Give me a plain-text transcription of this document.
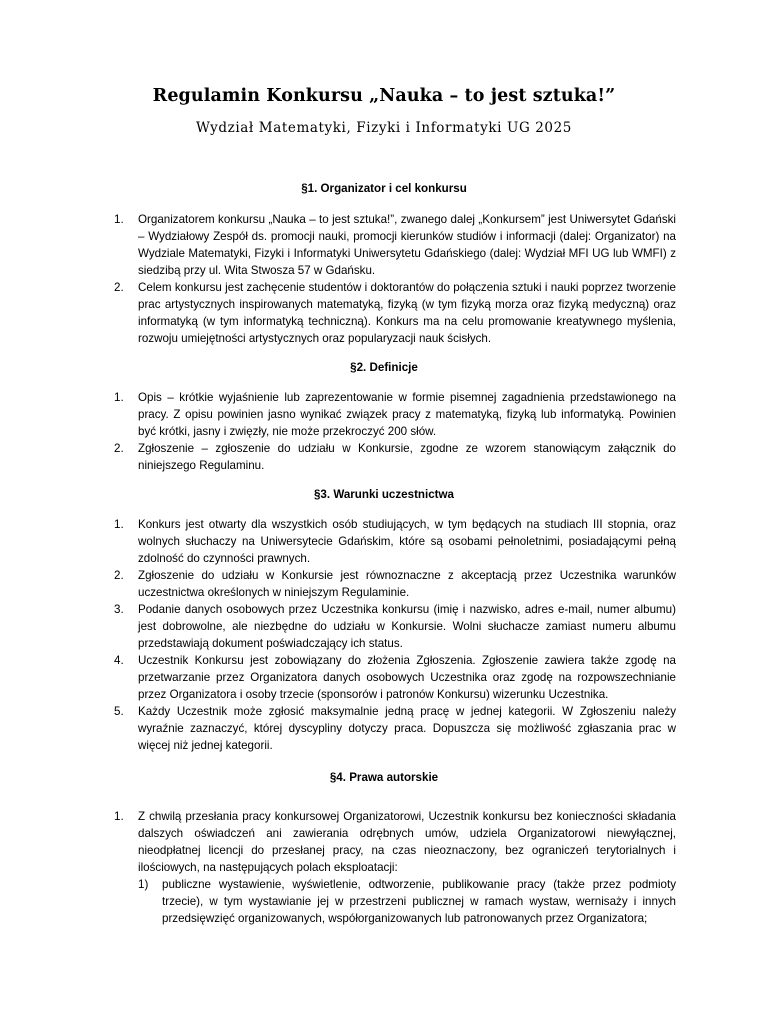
Regulamin Konkursu „Nauka – to jest sztuka!”
Wydział Matematyki, Fizyki i Informatyki UG 2025
§1. Organizator i cel konkursu
1. Organizatorem konkursu „Nauka – to jest sztuka!”, zwanego dalej „Konkursem” jest Uniwersytet Gdański – Wydziałowy Zespół ds. promocji nauki, promocji kierunków studiów i informacji (dalej: Organizator) na Wydziale Matematyki, Fizyki i Informatyki Uniwersytetu Gdańskiego (dalej: Wydział MFI UG lub WMFI) z siedzibą przy ul. Wita Stwosza 57 w Gdańsku.
2. Celem konkursu jest zachęcenie studentów i doktorantów do połączenia sztuki i nauki poprzez tworzenie prac artystycznych inspirowanych matematyką, fizyką (w tym fizyką morza oraz fizyką medyczną) oraz informatyką (w tym informatyką techniczną). Konkurs ma na celu promowanie kreatywnego myślenia, rozwoju umiejętności artystycznych oraz popularyzacji nauk ścisłych.
§2. Definicje
1. Opis – krótkie wyjaśnienie lub zaprezentowanie w formie pisemnej zagadnienia przedstawionego na pracy. Z opisu powinien jasno wynikać związek pracy z matematyką, fizyką lub informatyką. Powinien być krótki, jasny i zwięzły, nie może przekroczyć 200 słów.
2. Zgłoszenie – zgłoszenie do udziału w Konkursie, zgodne ze wzorem stanowiącym załącznik do niniejszego Regulaminu.
§3. Warunki uczestnictwa
1. Konkurs jest otwarty dla wszystkich osób studiujących, w tym będących na studiach III stopnia, oraz wolnych słuchaczy na Uniwersytecie Gdańskim, które są osobami pełnoletnimi, posiadającymi pełną zdolność do czynności prawnych.
2. Zgłoszenie do udziału w Konkursie jest równoznaczne z akceptacją przez Uczestnika warunków uczestnictwa określonych w niniejszym Regulaminie.
3. Podanie danych osobowych przez Uczestnika konkursu (imię i nazwisko, adres e-mail, numer albumu) jest dobrowolne, ale niezbędne do udziału w Konkursie. Wolni słuchacze zamiast numeru albumu przedstawiają dokument poświadczający ich status.
4. Uczestnik Konkursu jest zobowiązany do złożenia Zgłoszenia. Zgłoszenie zawiera także zgodę na przetwarzanie przez Organizatora danych osobowych Uczestnika oraz zgodę na rozpowszechnianie przez Organizatora i osoby trzecie (sponsorów i patronów Konkursu) wizerunku Uczestnika.
5. Każdy Uczestnik może zgłosić maksymalnie jedną pracę w jednej kategorii. W Zgłoszeniu należy wyraźnie zaznaczyć, której dyscypliny dotyczy praca. Dopuszcza się możliwość zgłaszania prac w więcej niż jednej kategorii.
§4. Prawa autorskie
1. Z chwilą przesłania pracy konkursowej Organizatorowi, Uczestnik konkursu bez konieczności składania dalszych oświadczeń ani zawierania odrębnych umów, udziela Organizatorowi niewyłącznej, nieodpłatnej licencji do przesłanej pracy, na czas nieoznaczony, bez ograniczeń terytorialnych i ilościowych, na następujących polach eksploatacji:
1) publiczne wystawienie, wyświetlenie, odtworzenie, publikowanie pracy (także przez podmioty trzecie), w tym wystawianie jej w przestrzeni publicznej w ramach wystaw, wernisaży i innych przedsięwzięć organizowanych, współorganizowanych lub patronowanych przez Organizatora;
